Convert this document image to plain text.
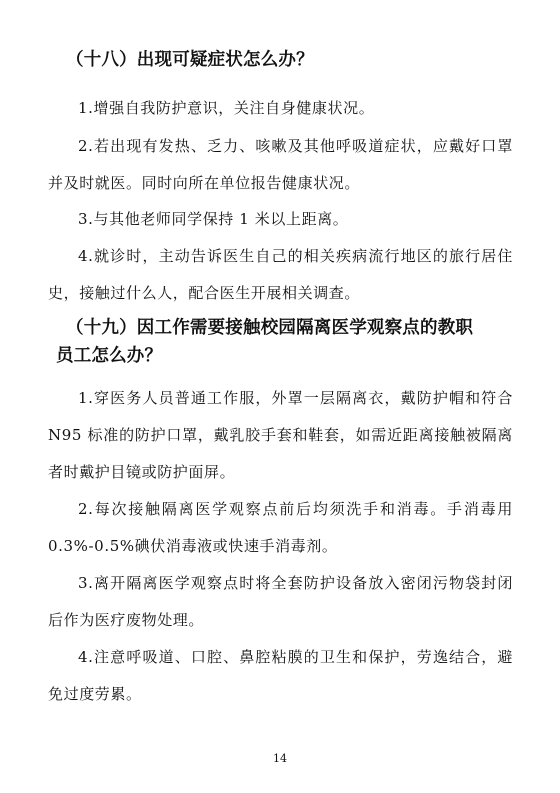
（十八）出现可疑症状怎么办？

1.增强自我防护意识，关注自身健康状况。

2.若出现有发热、乏力、咳嗽及其他呼吸道症状，应戴好口罩并及时就医。同时向所在单位报告健康状况。

3.与其他老师同学保持 1 米以上距离。

4.就诊时，主动告诉医生自己的相关疾病流行地区的旅行居住史，接触过什么人，配合医生开展相关调查。

（十九）因工作需要接触校园隔离医学观察点的教职
员工怎么办？

1.穿医务人员普通工作服，外罩一层隔离衣，戴防护帽和符合 N95 标准的防护口罩，戴乳胶手套和鞋套，如需近距离接触被隔离者时戴护目镜或防护面屏。

2.每次接触隔离医学观察点前后均须洗手和消毒。手消毒用 0.3%-0.5%碘伏消毒液或快速手消毒剂。

3.离开隔离医学观察点时将全套防护设备放入密闭污物袋封闭后作为医疗废物处理。

4.注意呼吸道、口腔、鼻腔粘膜的卫生和保护，劳逸结合，避免过度劳累。

14
